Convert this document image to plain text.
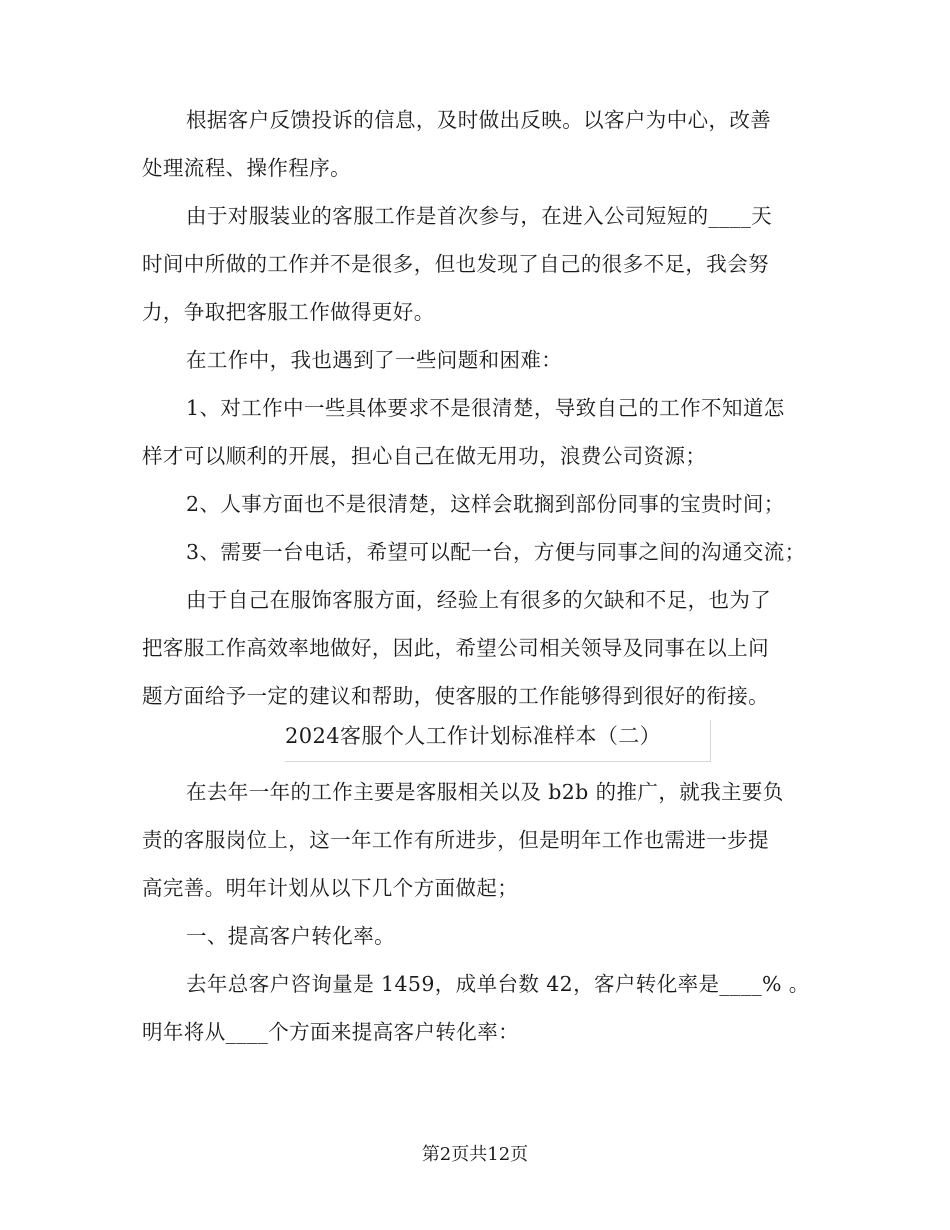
根据客户反馈投诉的信息，及时做出反映。以客户为中心，改善
处理流程、操作程序。
由于对服装业的客服工作是首次参与，在进入公司短短的____天
时间中所做的工作并不是很多，但也发现了自己的很多不足，我会努
力，争取把客服工作做得更好。
在工作中，我也遇到了一些问题和困难：
1、对工作中一些具体要求不是很清楚，导致自己的工作不知道怎
样才可以顺利的开展，担心自己在做无用功，浪费公司资源；
2、人事方面也不是很清楚，这样会耽搁到部份同事的宝贵时间；
3、需要一台电话，希望可以配一台，方便与同事之间的沟通交流；
由于自己在服饰客服方面，经验上有很多的欠缺和不足，也为了
把客服工作高效率地做好，因此，希望公司相关领导及同事在以上问
题方面给予一定的建议和帮助，使客服的工作能够得到很好的衔接。
2024客服个人工作计划标准样本（二）
在去年一年的工作主要是客服相关以及 b2b 的推广，就我主要负
责的客服岗位上，这一年工作有所进步，但是明年工作也需进一步提
高完善。明年计划从以下几个方面做起；
一、提高客户转化率。
去年总客户咨询量是 1459，成单台数 42，客户转化率是____% 。
明年将从____个方面来提高客户转化率：
第2页共12页
